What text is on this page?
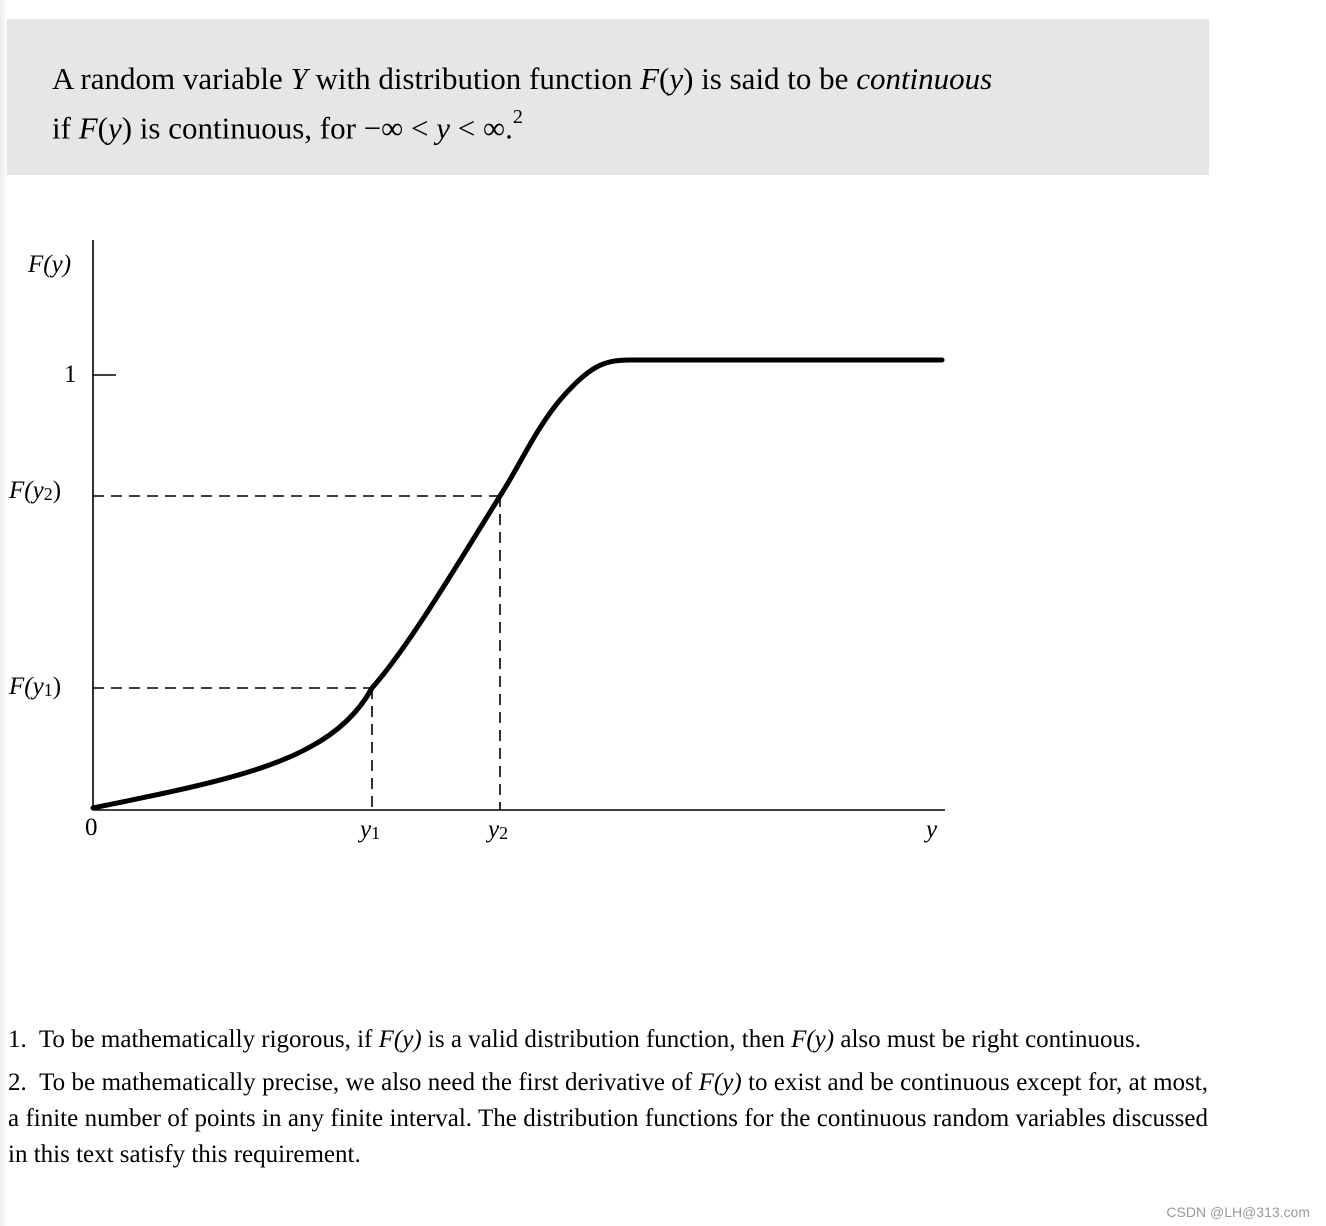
A random variable Y with distribution function F(y) is said to be continuous
if F(y) is continuous, for −∞ < y < ∞.$^2$
F(y)
1
$F(y_2)$
$F(y_1)$
0	$y_1$	$y_2$	y
1. To be mathematically rigorous, if F(y) is a valid distribution function, then F(y) also must be right continuous.
2. To be mathematically precise, we also need the first derivative of F(y) to exist and be continuous except for, at most, a finite number of points in any finite interval. The distribution functions for the continuous random variables discussed in this text satisfy this requirement.
CSDN @LH@313.com
